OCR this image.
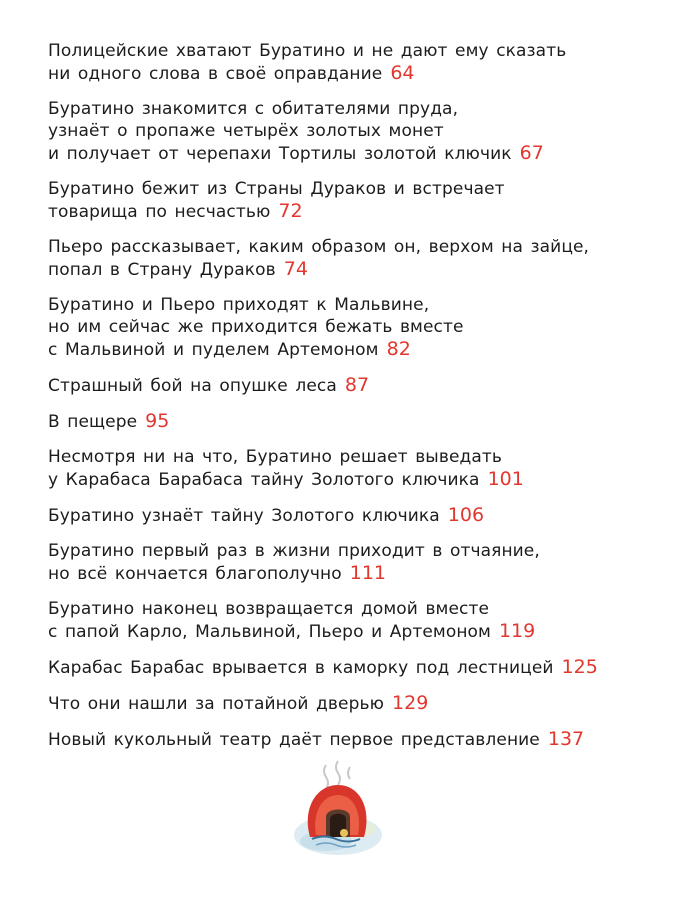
Полицейские хватают Буратино и не дают ему сказать
ни одного слова в своё оправдание 64
Буратино знакомится с обитателями пруда,
узнаёт о пропаже четырёх золотых монет
и получает от черепахи Тортилы золотой ключик 67
Буратино бежит из Страны Дураков и встречает
товарища по несчастью 72
Пьеро рассказывает, каким образом он, верхом на зайце,
попал в Страну Дураков 74
Буратино и Пьеро приходят к Мальвине,
но им сейчас же приходится бежать вместе
с Мальвиной и пуделем Артемоном 82
Страшный бой на опушке леса 87
В пещере 95
Несмотря ни на что, Буратино решает выведать
у Карабаса Барабаса тайну Золотого ключика 101
Буратино узнаёт тайну Золотого ключика 106
Буратино первый раз в жизни приходит в отчаяние,
но всё кончается благополучно 111
Буратино наконец возвращается домой вместе
с папой Карло, Мальвиной, Пьеро и Артемоном 119
Карабас Барабас врывается в каморку под лестницей 125
Что они нашли за потайной дверью 129
Новый кукольный театр даёт первое представление 137
